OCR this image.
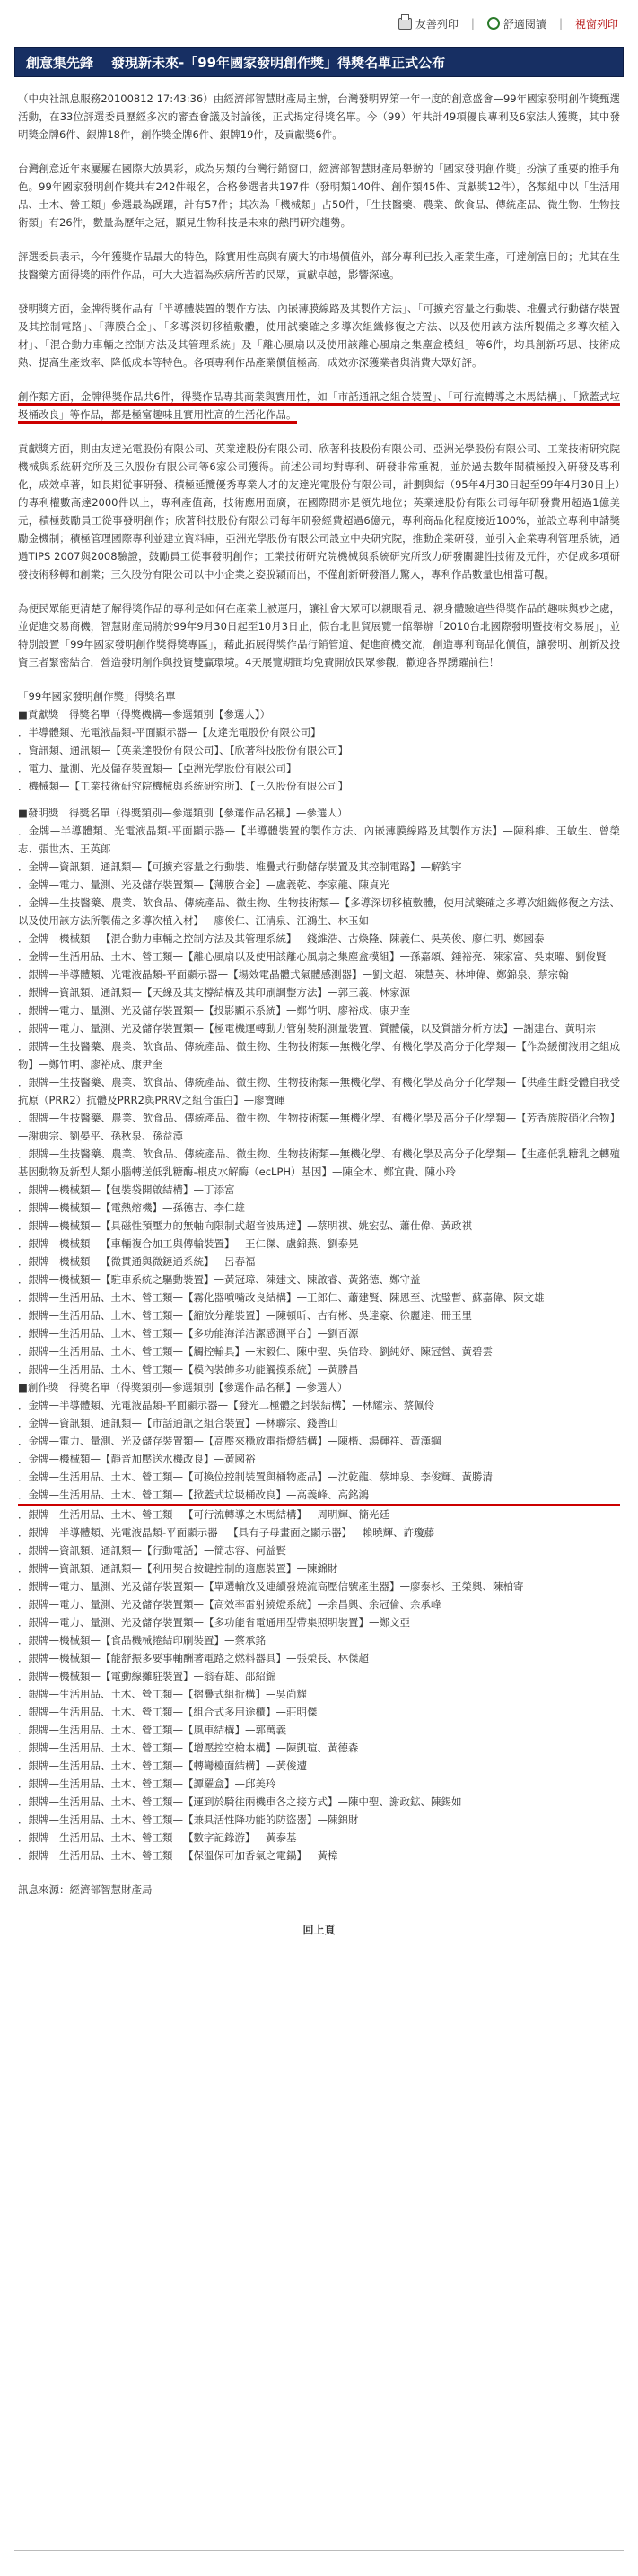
友善列印 |	舒適閱讀 | 視窗列印
創意集先鋒 發現新未來-「99年國家發明創作獎」得獎名單正式公布

（中央社訊息服務20100812 17:43:36）由經濟部智慧財產局主辦，台灣發明界第一年一度的創意盛會—99年國家發明創作獎甄選活動，在33位評選委員歷經多次的審查會議及討論後，正式揭定得獎名單。今（99）年共計49項優良專利及6家法人獲獎，其中發明獎金牌6件、銀牌18件，創作獎金牌6件、銀牌19件，及貢獻獎6件。

台灣創意近年來屢屢在國際大放異彩，成為另類的台灣行銷窗口，經濟部智慧財產局舉辦的「國家發明創作獎」扮演了重要的推手角色。99年國家發明創作獎共有242件報名，合格參選者共197件（發明類140件、創作類45件、貢獻獎12件），各類組中以「生活用品、土木、營工類」參選最為踴躍，計有57件；其次為「機械類」占50件，「生技醫藥、農業、飲食品、傳統產品、微生物、生物技術類」有26件，數量為歷年之冠，顯見生物科技是未來的熱門研究趨勢。

評選委員表示，今年獲獎作品最大的特色，除實用性高與有廣大的市場價值外，部分專利已投入產業生產，可達創富目的；尤其在生技醫藥方面得獎的兩件作品，可大大造福為疾病所苦的民眾，貢獻卓越，影響深遠。

發明獎方面，金牌得獎作品有「半導體裝置的製作方法、內嵌薄膜線路及其製作方法」、「可擴充容量之行動裝、堆疊式行動儲存裝置及其控制電路」、「薄膜合金」、「多導深切移植敷體，使用試藥確之多導次組織修復之方法、以及使用該方法所製備之多導次植入材」、「混合動力車輛之控制方法及其管理系統」及「離心風扇以及使用該離心風扇之集塵盒模組」等6件，均具創新巧思、技術成熟、提高生產效率、降低成本等特色。各項專利作品產業價值極高，成效亦深獲業者與消費大眾好評。

創作類方面，金牌得獎作品共6件，得獎作品專其商業與實用性，如「市話通訊之組合裝置」、「可行流轉導之木馬結構」、「掀蓋式垃圾桶改良」等作品，都是極富趣味且實用性高的生活化作品。

貢獻獎方面，則由友達光電股份有限公司、英業達股份有限公司、欣著科技股份有限公司、亞洲光學股份有限公司、工業技術研究院機械與系統研究所及三久股份有限公司等6家公司獲得。前述公司均對專利、研發非常重視，並於過去數年間積極投入研發及專利化，成效卓著，如長期從事研發、積極延攬優秀專業人才的友達光電股份有限公司，計劃與結（95年4月30日起至99年4月30日止）的專利權數高達2000件以上，專利產值高，技術應用面廣，在國際間亦是領先地位；英業達股份有限公司每年研發費用超過1億美元，積極鼓勵員工從事發明創作；欣著科技股份有限公司每年研發經費超過6億元，專利商品化程度接近100%，並設立專利申請獎勵金機制；積極管理國際專利並建立資料庫，亞洲光學股份有限公司設立中央研究院，推動企業研發，並引入企業專利管理系統，通過TIPS 2007與2008驗證，鼓勵員工從事發明創作；工業技術研究院機械與系統研究所致力研發關鍵性技術及元件，亦促成多項研發技術移轉和創業；三久股份有限公司以中小企業之姿脫穎而出，不僅創新研發潛力驚人，專利作品數量也相當可觀。

為便民眾能更清楚了解得獎作品的專利是如何在產業上被運用，讓社會大眾可以親眼看見、親身體驗這些得獎作品的趣味與妙之處，並促進交易商機，智慧財產局將於99年9月30日起至10月3日止，假台北世貿展覽一館舉辦「2010台北國際發明暨技術交易展」，並特別設置「99年國家發明創作獎得獎專區」，藉此拓展得獎作品行銷管道、促進商機交流，創造專利商品化價值，讓發明、創新及投資三者緊密結合，營造發明創作與投資雙贏環境。4天展覽期間均免費開放民眾參觀，歡迎各界踴躍前往！

「99年國家發明創作獎」得獎名單

■貢獻獎　得獎名單（得獎機構—參選類別【參選人】）

．半導體類、光電液晶類-平面顯示器—【友達光電股份有限公司】

．資訊類、通訊類—【英業達股份有限公司】、【欣著科技股份有限公司】

．電力、量測、光及儲存裝置類—【亞洲光學股份有限公司】

．機械類—【工業技術研究院機械與系統研究所】、【三久股份有限公司】

■發明獎　得獎名單（得獎類別—參選類別【參選作品名稱】—參選人）

．金牌—半導體類、光電液晶類-平面顯示器—【半導體裝置的製作方法、內嵌薄膜線路及其製作方法】—陳科維、王敏生、曾榮志、張世杰、王英郎

．金牌—資訊類、通訊類—【可擴充容量之行動裝、堆疊式行動儲存裝置及其控制電路】—解鈞宇

．金牌—電力、量測、光及儲存裝置類—【薄膜合金】—盧義乾、李家龍、陳貞光

．金牌—生技醫藥、農業、飲食品、傳統產品、微生物、生物技術類—【多導深切移植敷體，使用試藥確之多導次組織修復之方法、以及使用該方法所製備之多導次植入材】—廖俊仁、江清泉、江鴻生、林玉如

．金牌—機械類—【混合動力車輛之控制方法及其管理系統】—錢維浩、古煥隆、陳義仁、吳英俊、廖仁明、鄭國泰

．金牌—生活用品、土木、營工類—【離心風扇以及使用該離心風扇之集塵盒模組】—孫嘉頌、鍾裕亮、陳家富、吳東曜、劉俊賢

．銀牌—半導體類、光電液晶類-平面顯示器—【場效電晶體式氣體感測器】—劉文超、陳慧英、林坤偉、鄭錦泉、蔡宗翰

．銀牌—資訊類、通訊類—【天線及其支撐結構及其印刷調整方法】—郭三義、林家源

．銀牌—電力、量測、光及儲存裝置類—【投影顯示系統】—鄭竹明、廖裕成、康尹奎

．銀牌—電力、量測、光及儲存裝置類—【極電機運轉動力管射裝附測量裝置、質體儀，以及質譜分析方法】—謝建台、黃明宗

．銀牌—生技醫藥、農業、飲食品、傳統產品、微生物、生物技術類—無機化學、有機化學及高分子化學類—【作為緩衝液用之組成物】—鄭竹明、廖裕成、康尹奎

．銀牌—生技醫藥、農業、飲食品、傳統產品、微生物、生物技術類—無機化學、有機化學及高分子化學類—【供產生雌受體自我受抗原（PRR2）抗體及PRR2與PRRV之組合蛋白】—廖寶暉

．銀牌—生技醫藥、農業、飲食品、傳統產品、微生物、生物技術類—無機化學、有機化學及高分子化學類—【芳香族胺硝化合物】—謝典宗、劉晏平、孫秋泉、孫益漢

．銀牌—生技醫藥、農業、飲食品、傳統產品、微生物、生物技術類—無機化學、有機化學及高分子化學類—【生產低乳糖乳之轉殖基因動物及新型人類小腦轉送低乳糖酶-根皮水解酶（ecLPH）基因】—陳全木、鄭宜貴、陳小玲

．銀牌—機械類—【包裝袋開啟結構】—丁添富

．銀牌—機械類—【電熱熔機】—孫德吉、李仁雄

．銀牌—機械類—【具磁性預壓力的無軸向限制式超音波馬達】—蔡明祺、姚宏弘、蕭仕偉、黃政祺

．銀牌—機械類—【車輛複合加工與傳輸裝置】—王仁傑、盧錦燕、劉泰晃

．銀牌—機械類—【微貫通與微鏈通系統】—呂春福

．銀牌—機械類—【駐車系統之驅動裝置】—黃冠璋、陳建文、陳啟睿、黃銘德、鄭守益

．銀牌—生活用品、土木、營工類—【霧化器噴嘴改良結構】—王郎仁、蕭建賢、陳恩至、沈璧暫、蘇嘉偉、陳文雄

．銀牌—生活用品、土木、營工類—【縮放分離裝置】—陳頓昕、古有彬、吳達豪、徐麗達、冊玉里

．銀牌—生活用品、土木、營工類—【多功能海洋洁潔感測平台】—劉百源

．銀牌—生活用品、土木、營工類—【觸控輸具】—宋毅仁、陳中聖、吳信玲、劉純妤、陳冠營、黃碧雲

．銀牌—生活用品、土木、營工類—【模內裝飾多功能觸摸系統】—黃勝昌

■創作獎　得獎名單（得獎類別—參選類別【參選作品名稱】—參選人）

．金牌—半導體類、光電液晶類-平面顯示器—【發光二極體之封裝結構】—林耀宗、蔡佩伶

．金牌—資訊類、通訊類—【市話通訊之組合裝置】—林聯宗、錢善山

．金牌—電力、量測、光及儲存裝置類—【高壓來穩放電指燈結構】—陳楷、湯輝祥、黃漢綱

．金牌—機械類—【靜音加壓送水機改良】—黃國裕

．金牌—生活用品、土木、營工類—【可換位控制裝置與桶物產品】—沈乾龍、蔡坤泉、李俊輝、黃勝清

．金牌—生活用品、土木、營工類—【掀蓋式垃圾桶改良】—高義峰、高銘鴻

．銀牌—生活用品、土木、營工類—【可行流轉導之木馬結構】—周明輝、簡光廷

．銀牌—半導體類、光電液晶類-平面顯示器—【具有子母畫面之顯示器】—賴曉輝、許瓊藤

．銀牌—資訊類、通訊類—【行動電話】—簡志容、何益賢

．銀牌—資訊類、通訊類—【利用契合按鍵控制的適應裝置】—陳錦財

．銀牌—電力、量測、光及儲存裝置類—【單選輸放及連續發燒流高壓信號產生器】—廖泰杉、王榮興、陳柏寄

．銀牌—電力、量測、光及儲存裝置類—【高效率雷射繞燈系統】—余昌興、余冠倫、余承峰

．銀牌—電力、量測、光及儲存裝置類—【多功能省電通用型帶集照明裝置】—鄭文亞

．銀牌—機械類—【食品機械捲結印刷裝置】—蔡承銘

．銀牌—機械類—【能舒振多要事軸酬著電路之燃料器具】—張榮長、林傑超

．銀牌—機械類—【電動線攤駐裝置】—翁春雄、邵紹錦

．銀牌—生活用品、土木、營工類—【摺疊式組折構】—吳尚耀

．銀牌—生活用品、土木、營工類—【組合式多用途櫃】—莊明傑

．銀牌—生活用品、土木、營工類—【風車結構】—郭萬義

．銀牌—生活用品、土木、營工類—【增壓控空槍本構】—陳凱瑄、黃德森

．銀牌—生活用品、土木、營工類—【轉彎檯面結構】—黃俊遭

．銀牌—生活用品、土木、營工類—【譚羅盒】—邱美玲

．銀牌—生活用品、土木、營工類—【運到於騎往兩機車各之接方式】—陳中聖、謝政鉱、陳錫如

．銀牌—生活用品、土木、營工類—【兼具活性降功能的防盜器】—陳錦財

．銀牌—生活用品、土木、營工類—【數字記錄游】—黃泰基

．銀牌—生活用品、土木、營工類—【保溫保可加香氣之電鍋】—黃樟

訊息來源：經濟部智慧財產局

回上頁
